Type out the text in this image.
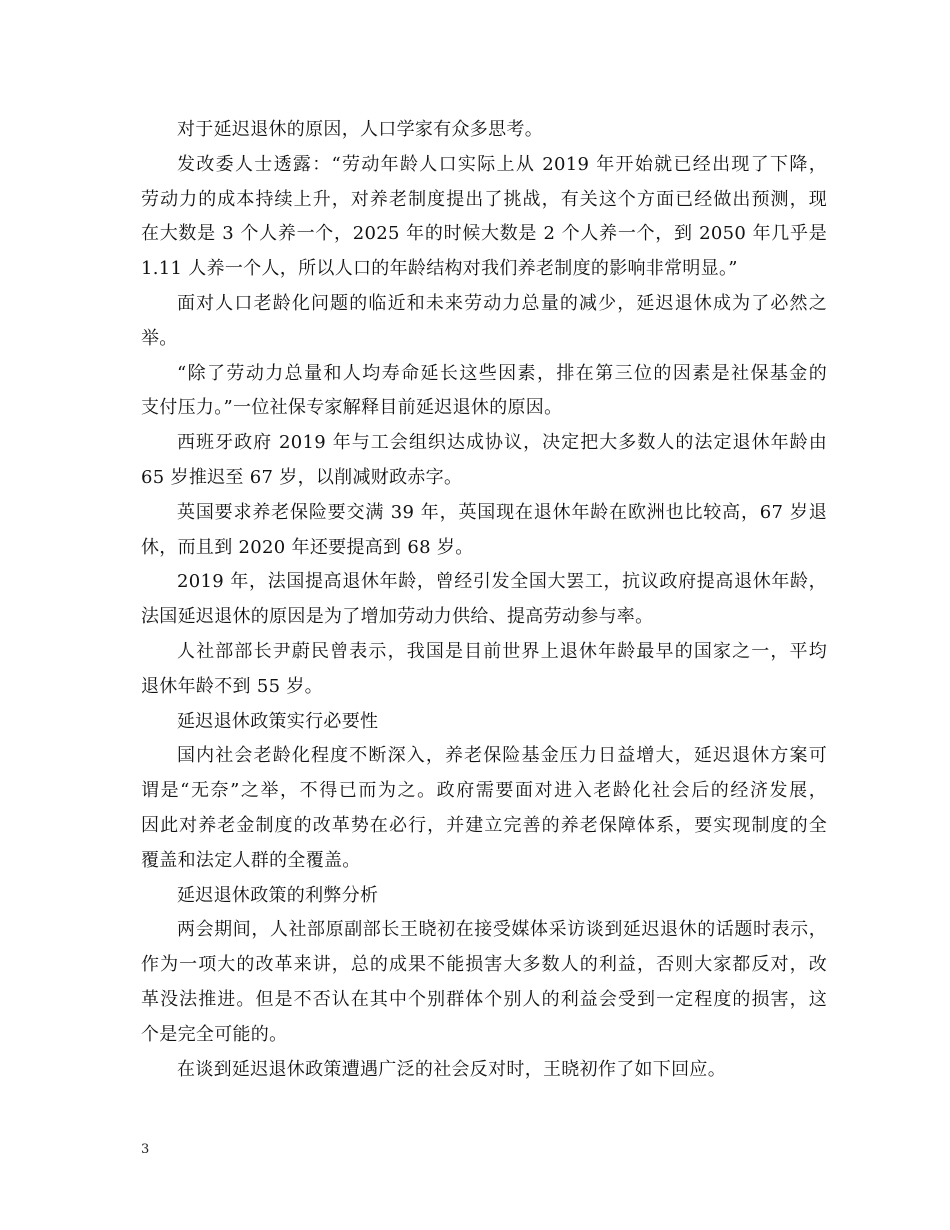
对于延迟退休的原因，人口学家有众多思考。

发改委人士透露：“劳动年龄人口实际上从 2019 年开始就已经出现了下降，
劳动力的成本持续上升，对养老制度提出了挑战，有关这个方面已经做出预测，现
在大数是 3 个人养一个，2025 年的时候大数是 2 个人养一个，到 2050 年几乎是
1.11 人养一个人，所以人口的年龄结构对我们养老制度的影响非常明显。”

面对人口老龄化问题的临近和未来劳动力总量的减少，延迟退休成为了必然之
举。

“除了劳动力总量和人均寿命延长这些因素，排在第三位的因素是社保基金的
支付压力。”一位社保专家解释目前延迟退休的原因。

西班牙政府 2019 年与工会组织达成协议，决定把大多数人的法定退休年龄由
65 岁推迟至 67 岁，以削减财政赤字。

英国要求养老保险要交满 39 年，英国现在退休年龄在欧洲也比较高，67 岁退
休，而且到 2020 年还要提高到 68 岁。

2019 年，法国提高退休年龄，曾经引发全国大罢工，抗议政府提高退休年龄，
法国延迟退休的原因是为了增加劳动力供给、提高劳动参与率。

人社部部长尹蔚民曾表示，我国是目前世界上退休年龄最早的国家之一，平均
退休年龄不到 55 岁。

延迟退休政策实行必要性

国内社会老龄化程度不断深入，养老保险基金压力日益增大，延迟退休方案可
谓是“无奈”之举，不得已而为之。政府需要面对进入老龄化社会后的经济发展，
因此对养老金制度的改革势在必行，并建立完善的养老保障体系，要实现制度的全
覆盖和法定人群的全覆盖。

延迟退休政策的利弊分析

两会期间，人社部原副部长王晓初在接受媒体采访谈到延迟退休的话题时表示，
作为一项大的改革来讲，总的成果不能损害大多数人的利益，否则大家都反对，改
革没法推进。但是不否认在其中个别群体个别人的利益会受到一定程度的损害，这
个是完全可能的。

在谈到延迟退休政策遭遇广泛的社会反对时，王晓初作了如下回应。

3
